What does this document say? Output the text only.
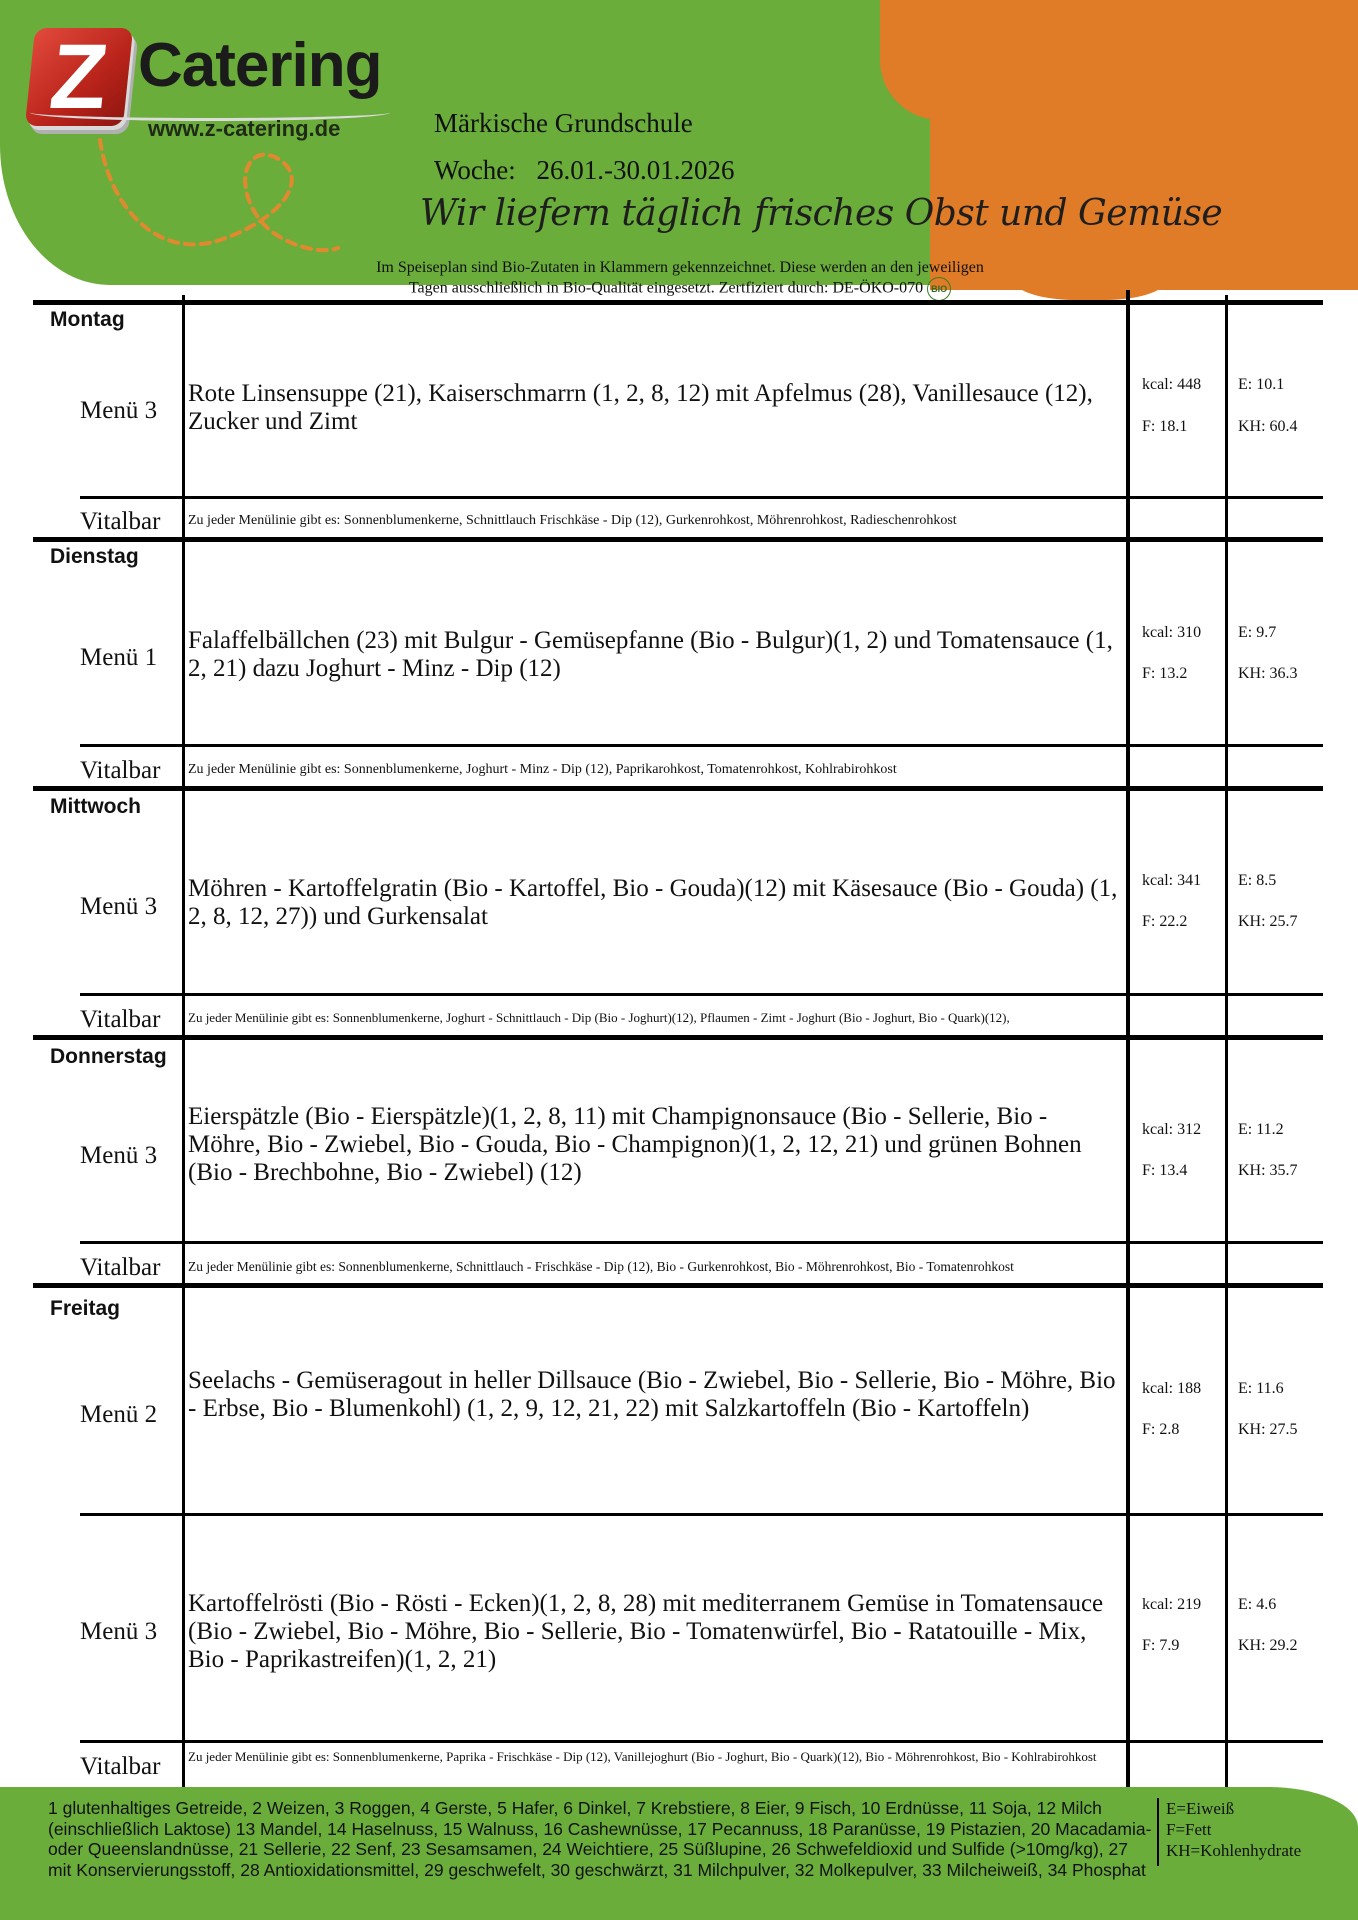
Z Catering
www.z-catering.de	Märkische Grundschule
Woche: 26.01.-30.01.2026
Wir liefern täglich frisches Obst und Gemüse
Im Speiseplan sind Bio-Zutaten in Klammern gekennzeichnet. Diese werden an den jeweiligen
Tagen ausschließlich in Bio-Qualität eingesetzt. Zertfiziert durch: DE-ÖKO-070 BIO
Montag
Menü 3
Rote Linsensuppe (21), Kaiserschmarrn (1, 2, 8, 12) mit Apfelmus (28), Vanillesauce (12), Zucker und Zimt
kcal: 448
F: 18.1
E: 10.1
KH: 60.4
Vitalbar Zu jeder Menülinie gibt es: Sonnenblumenkerne, Schnittlauch Frischkäse - Dip (12), Gurkenrohkost, Möhrenrohkost, Radieschenrohkost
Dienstag
Menü 1
Falaffelbällchen (23) mit Bulgur - Gemüsepfanne (Bio - Bulgur)(1, 2) und Tomatensauce (1, 2, 21) dazu Joghurt - Minz - Dip (12)
kcal: 310
F: 13.2
E: 9.7
KH: 36.3
Vitalbar Zu jeder Menülinie gibt es: Sonnenblumenkerne, Joghurt - Minz - Dip (12), Paprikarohkost, Tomatenrohkost, Kohlrabirohkost
Mittwoch
Menü 3
Möhren - Kartoffelgratin (Bio - Kartoffel, Bio - Gouda)(12) mit Käsesauce (Bio - Gouda) (1, 2, 8, 12, 27)) und Gurkensalat
kcal: 341
F: 22.2
E: 8.5
KH: 25.7
Vitalbar Zu jeder Menülinie gibt es: Sonnenblumenkerne, Joghurt - Schnittlauch - Dip (Bio - Joghurt)(12), Pflaumen - Zimt - Joghurt (Bio - Joghurt, Bio - Quark)(12),
Donnerstag
Menü 3
Eierspätzle (Bio - Eierspätzle)(1, 2, 8, 11) mit Champignonsauce (Bio - Sellerie, Bio - Möhre, Bio - Zwiebel, Bio - Gouda, Bio - Champignon)(1, 2, 12, 21) und grünen Bohnen (Bio - Brechbohne, Bio - Zwiebel) (12)
kcal: 312
F: 13.4
E: 11.2
KH: 35.7
Vitalbar Zu jeder Menülinie gibt es: Sonnenblumenkerne, Schnittlauch - Frischkäse - Dip (12), Bio - Gurkenrohkost, Bio - Möhrenrohkost, Bio - Tomatenrohkost
Freitag
Menü 2
Seelachs - Gemüseragout in heller Dillsauce (Bio - Zwiebel, Bio - Sellerie, Bio - Möhre, Bio - Erbse, Bio - Blumenkohl) (1, 2, 9, 12, 21, 22) mit Salzkartoffeln (Bio - Kartoffeln)
kcal: 188
F: 2.8
E: 11.6
KH: 27.5
Menü 3
Kartoffelrösti (Bio - Rösti - Ecken)(1, 2, 8, 28) mit mediterranem Gemüse in Tomatensauce (Bio - Zwiebel, Bio - Möhre, Bio - Sellerie, Bio - Tomatenwürfel, Bio - Ratatouille - Mix, Bio - Paprikastreifen)(1, 2, 21)
kcal: 219
F: 7.9
E: 4.6
KH: 29.2
Vitalbar Zu jeder Menülinie gibt es: Sonnenblumenkerne, Paprika - Frischkäse - Dip (12), Vanillejoghurt (Bio - Joghurt, Bio - Quark)(12), Bio - Möhrenrohkost, Bio - Kohlrabirohkost
1 glutenhaltiges Getreide, 2 Weizen, 3 Roggen, 4 Gerste, 5 Hafer, 6 Dinkel, 7 Krebstiere, 8 Eier, 9 Fisch, 10 Erdnüsse, 11 Soja, 12 Milch (einschließlich Laktose) 13 Mandel, 14 Haselnuss, 15 Walnuss, 16 Cashewnüsse, 17 Pecannuss, 18 Paranüsse, 19 Pistazien, 20 Macadamia- oder Queenslandnüsse, 21 Sellerie, 22 Senf, 23 Sesamsamen, 24 Weichtiere, 25 Süßlupine, 26 Schwefeldioxid und Sulfide (>10mg/kg), 27 mit Konservierungsstoff, 28 Antioxidationsmittel, 29 geschwefelt, 30 geschwärzt, 31 Milchpulver, 32 Molkepulver, 33 Milcheiweiß, 34 Phosphat
E=Eiweiß
F=Fett
KH=Kohlenhydrate
